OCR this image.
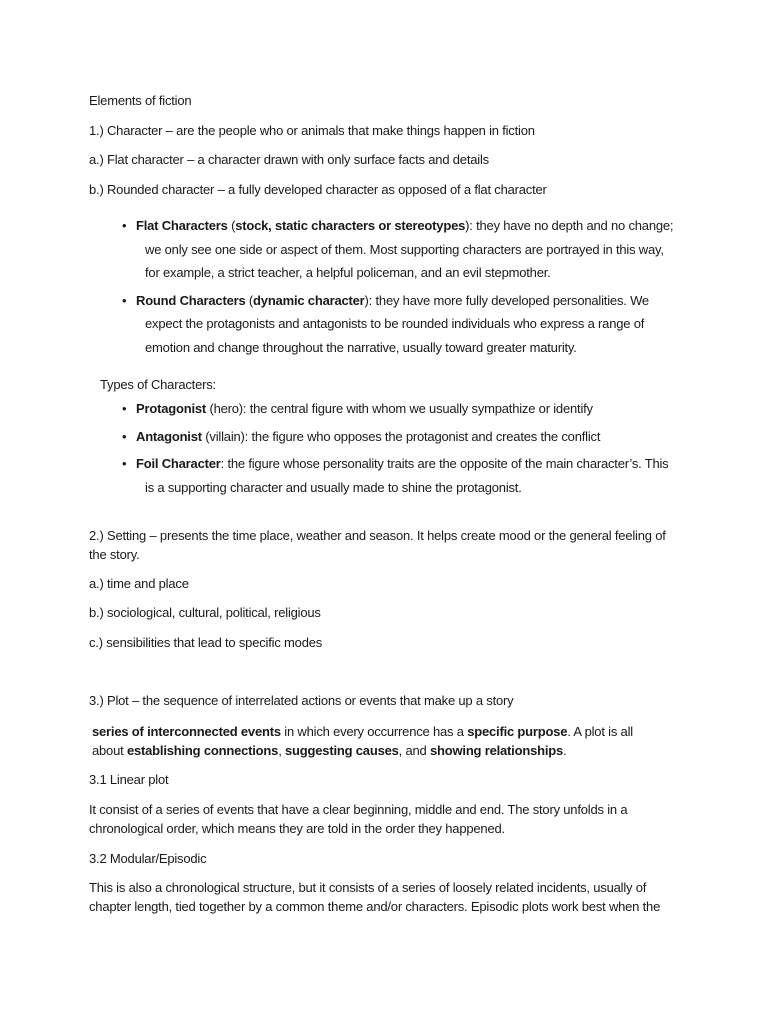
Elements of fiction
1.) Character – are the people who or animals that make things happen in fiction
a.) Flat character – a character drawn with only surface facts and details
b.) Rounded character – a fully developed character as opposed of a flat character
• Flat Characters (stock, static characters or stereotypes): they have no depth and no change;
we only see one side or aspect of them. Most supporting characters are portrayed in this way,
for example, a strict teacher, a helpful policeman, and an evil stepmother.
• Round Characters (dynamic character): they have more fully developed personalities. We
expect the protagonists and antagonists to be rounded individuals who express a range of
emotion and change throughout the narrative, usually toward greater maturity.
Types of Characters:
• Protagonist (hero): the central figure with whom we usually sympathize or identify
• Antagonist (villain): the figure who opposes the protagonist and creates the conflict
• Foil Character: the figure whose personality traits are the opposite of the main character’s. This
is a supporting character and usually made to shine the protagonist.
2.) Setting – presents the time place, weather and season. It helps create mood or the general feeling of the story.
a.) time and place
b.) sociological, cultural, political, religious
c.) sensibilities that lead to specific modes
3.) Plot – the sequence of interrelated actions or events that make up a story
series of interconnected events in which every occurrence has a specific purpose. A plot is all about establishing connections, suggesting causes, and showing relationships.
3.1 Linear plot
It consist of a series of events that have a clear beginning, middle and end. The story unfolds in a chronological order, which means they are told in the order they happened.
3.2 Modular/Episodic
This is also a chronological structure, but it consists of a series of loosely related incidents, usually of chapter length, tied together by a common theme and/or characters. Episodic plots work best when the
